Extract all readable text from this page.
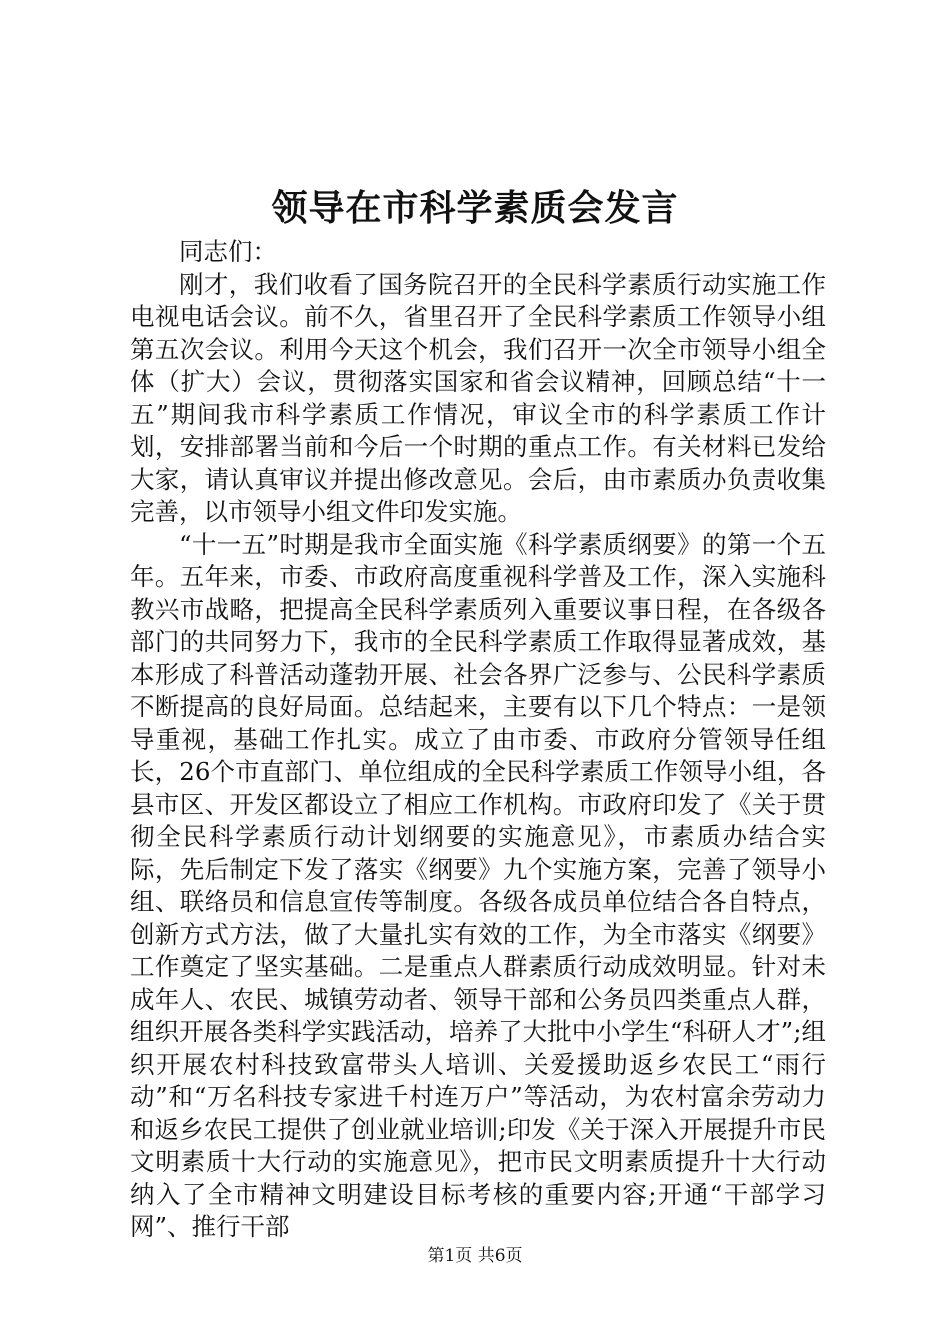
领导在市科学素质会发言

同志们：

刚才，我们收看了国务院召开的全民科学素质行动实施工作电视电话会议。前不久，省里召开了全民科学素质工作领导小组第五次会议。利用今天这个机会，我们召开一次全市领导小组全体（扩大）会议，贯彻落实国家和省会议精神，回顾总结“十一五”期间我市科学素质工作情况，审议全市的科学素质工作计划，安排部署当前和今后一个时期的重点工作。有关材料已发给大家，请认真审议并提出修改意见。会后，由市素质办负责收集完善，以市领导小组文件印发实施。

“十一五”时期是我市全面实施《科学素质纲要》的第一个五年。五年来，市委、市政府高度重视科学普及工作，深入实施科教兴市战略，把提高全民科学素质列入重要议事日程，在各级各部门的共同努力下，我市的全民科学素质工作取得显著成效，基本形成了科普活动蓬勃开展、社会各界广泛参与、公民科学素质不断提高的良好局面。总结起来，主要有以下几个特点：一是领导重视，基础工作扎实。成立了由市委、市政府分管领导任组长，26个市直部门、单位组成的全民科学素质工作领导小组，各县市区、开发区都设立了相应工作机构。市政府印发了《关于贯彻全民科学素质行动计划纲要的实施意见》，市素质办结合实际，先后制定下发了落实《纲要》九个实施方案，完善了领导小组、联络员和信息宣传等制度。各级各成员单位结合各自特点，创新方式方法，做了大量扎实有效的工作，为全市落实《纲要》工作奠定了坚实基础。二是重点人群素质行动成效明显。针对未成年人、农民、城镇劳动者、领导干部和公务员四类重点人群，组织开展各类科学实践活动，培养了大批中小学生“科研人才”;组织开展农村科技致富带头人培训、关爱援助返乡农民工“雨行动”和“万名科技专家进千村连万户”等活动，为农村富余劳动力和返乡农民工提供了创业就业培训;印发《关于深入开展提升市民文明素质十大行动的实施意见》，把市民文明素质提升十大行动纳入了全市精神文明建设目标考核的重要内容;开通“干部学习网”、推行干部

第1页 共6页
